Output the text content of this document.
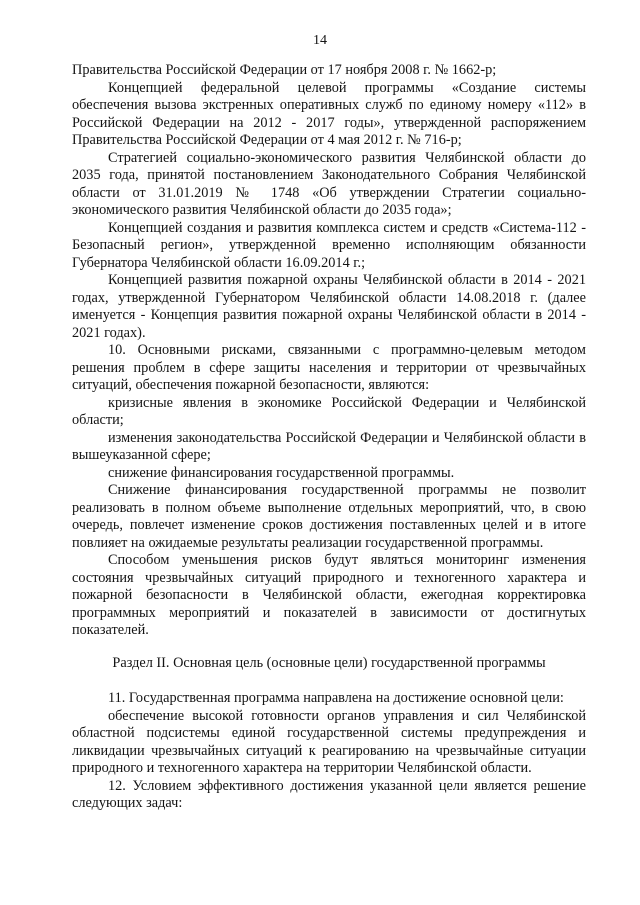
14

Правительства Российской Федерации от 17 ноября 2008 г. № 1662-р;

Концепцией федеральной целевой программы «Создание системы обеспечения вызова экстренных оперативных служб по единому номеру «112» в Российской Федерации на 2012 - 2017 годы», утвержденной распоряжением Правительства Российской Федерации от 4 мая 2012 г. № 716-р;

Стратегией социально-экономического развития Челябинской области до 2035 года, принятой постановлением Законодательного Собрания Челябинской области от 31.01.2019 № 1748 «Об утверждении Стратегии социально-экономического развития Челябинской области до 2035 года»;

Концепцией создания и развития комплекса систем и средств «Система-112 - Безопасный регион», утвержденной временно исполняющим обязанности Губернатора Челябинской области 16.09.2014 г.;

Концепцией развития пожарной охраны Челябинской области в 2014 - 2021 годах, утвержденной Губернатором Челябинской области 14.08.2018 г. (далее именуется - Концепция развития пожарной охраны Челябинской области в 2014 - 2021 годах).

10. Основными рисками, связанными с программно-целевым методом решения проблем в сфере защиты населения и территории от чрезвычайных ситуаций, обеспечения пожарной безопасности, являются:

кризисные явления в экономике Российской Федерации и Челябинской области;

изменения законодательства Российской Федерации и Челябинской области в вышеуказанной сфере;

снижение финансирования государственной программы.

Снижение финансирования государственной программы не позволит реализовать в полном объеме выполнение отдельных мероприятий, что, в свою очередь, повлечет изменение сроков достижения поставленных целей и в итоге повлияет на ожидаемые результаты реализации государственной программы.

Способом уменьшения рисков будут являться мониторинг изменения состояния чрезвычайных ситуаций природного и техногенного характера и пожарной безопасности в Челябинской области, ежегодная корректировка программных мероприятий и показателей в зависимости от достигнутых показателей.

Раздел II. Основная цель (основные цели) государственной программы

11. Государственная программа направлена на достижение основной цели:

обеспечение высокой готовности органов управления и сил Челябинской областной подсистемы единой государственной системы предупреждения и ликвидации чрезвычайных ситуаций к реагированию на чрезвычайные ситуации природного и техногенного характера на территории Челябинской области.

12. Условием эффективного достижения указанной цели является решение следующих задач:
